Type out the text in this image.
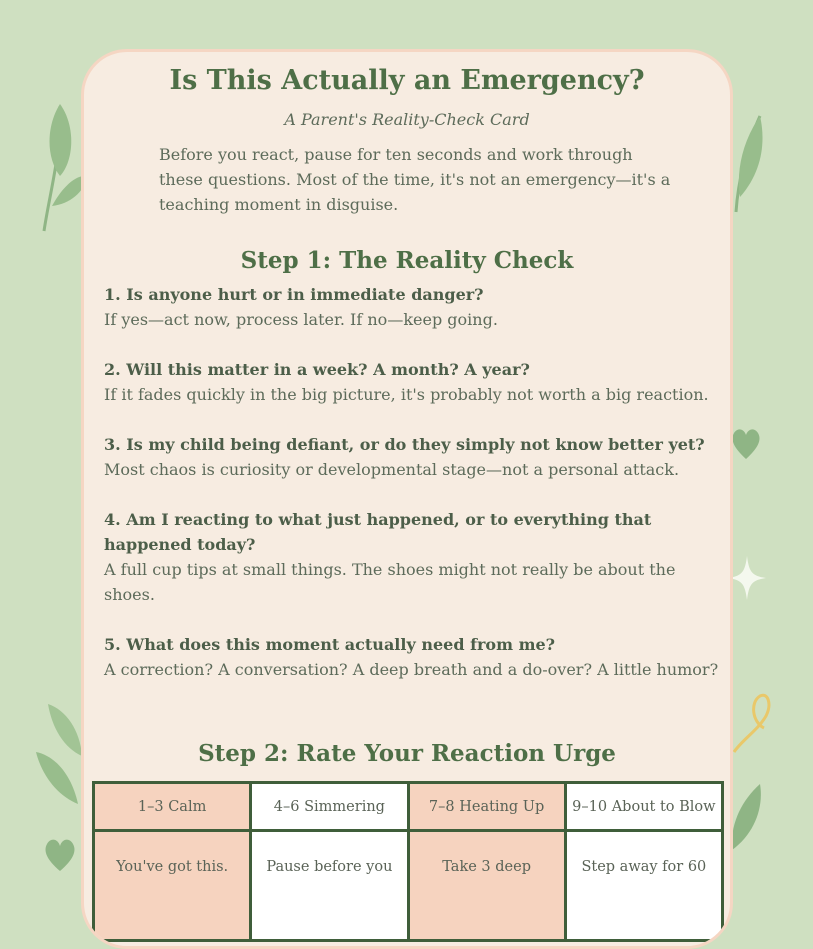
Is This Actually an Emergency?

A Parent's Reality-Check Card

Before you react, pause for ten seconds and work through these questions. Most of the time, it's not an emergency—it's a teaching moment in disguise.

Step 1: The Reality Check
1. Is anyone hurt or in immediate danger?
If yes—act now, process later. If no—keep going.
2. Will this matter in a week? A month? A year?
If it fades quickly in the big picture, it's probably not worth a big reaction.
3. Is my child being defiant, or do they simply not know better yet?
Most chaos is curiosity or developmental stage—not a personal attack.
4. Am I reacting to what just happened, or to everything that happened today?
A full cup tips at small things. The shoes might not really be about the shoes.
5. What does this moment actually need from me?
A correction? A conversation? A deep breath and a do-over? A little humor?
Step 2: Rate Your Reaction Urge
1–3 Calm	4–6 Simmering	7–8 Heating Up	9–10 About to Blow
You've got this.	Pause before you	Take 3 deep	Step away for 60
